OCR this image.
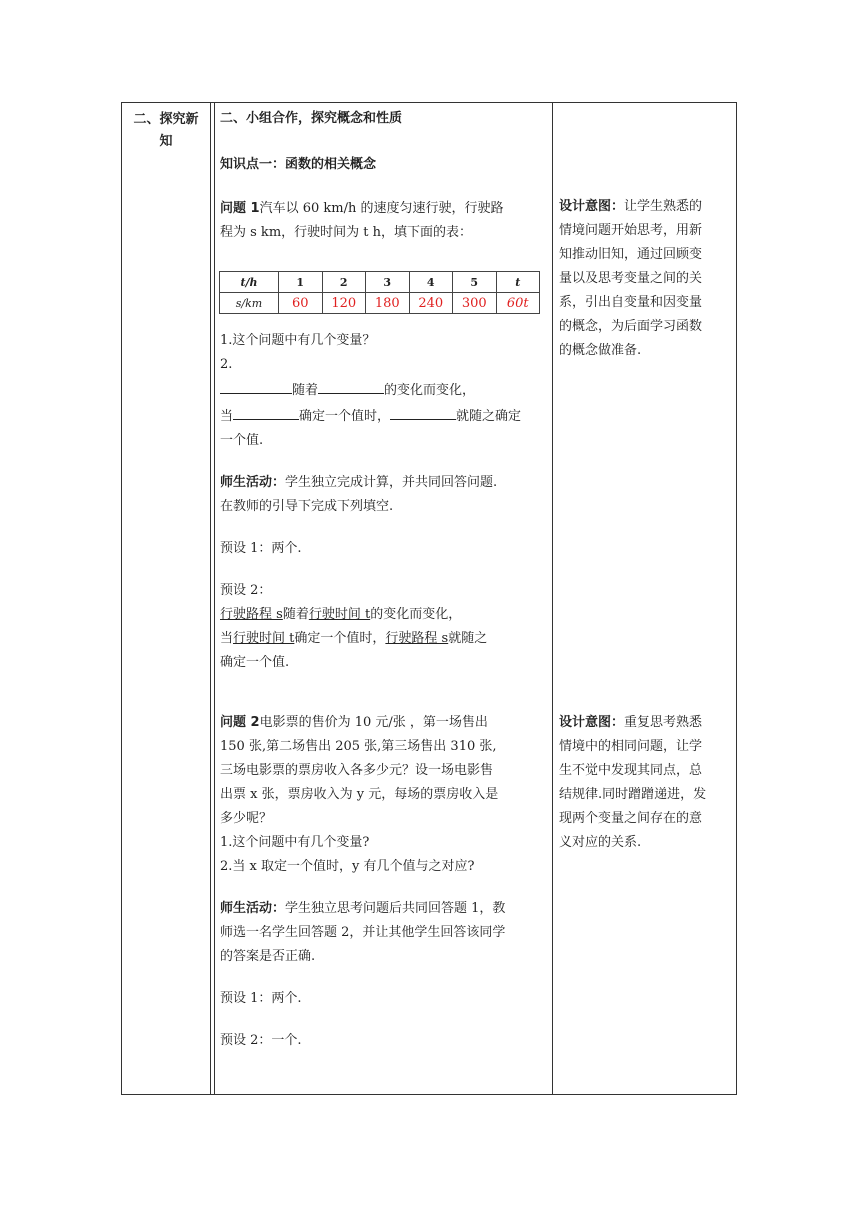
二、探究新
知
二、小组合作，探究概念和性质
知识点一：函数的相关概念
问题 1汽车以 60 km/h 的速度匀速行驶，行驶路
程为 s km，行驶时间为 t h，填下面的表：
t/h	1	2	3	4	5	t
s/km	60	120	180	240	300	60t
1.这个问题中有几个变量？
2.
随着	的变化而变化，
当	确定一个值时，	就随之确定
一个值.
师生活动：学生独立完成计算，并共同回答问题.
在教师的引导下完成下列填空.
预设 1：两个.
预设 2：
行驶路程 s随着行驶时间 t的变化而变化，
当行驶时间 t确定一个值时，行驶路程 s就随之
确定一个值.
问题 2电影票的售价为 10 元/张 ，第一场售出
150 张,第二场售出 205 张,第三场售出 310 张,
三场电影票的票房收入各多少元？设一场电影售
出票 x 张，票房收入为 y 元，每场的票房收入是
多少呢？
1.这个问题中有几个变量?
2.当 x 取定一个值时，y 有几个值与之对应?
师生活动：学生独立思考问题后共同回答题 1，教
师选一名学生回答题 2，并让其他学生回答该同学
的答案是否正确.
预设 1：两个.
预设 2：一个.
设计意图：让学生熟悉的
情境问题开始思考，用新
知推动旧知，通过回顾变
量以及思考变量之间的关
系，引出自变量和因变量
的概念，为后面学习函数
的概念做准备.
设计意图：重复思考熟悉
情境中的相同问题，让学
生不觉中发现其同点，总
结规律.同时蹭蹭递进，发
现两个变量之间存在的意
义对应的关系.
